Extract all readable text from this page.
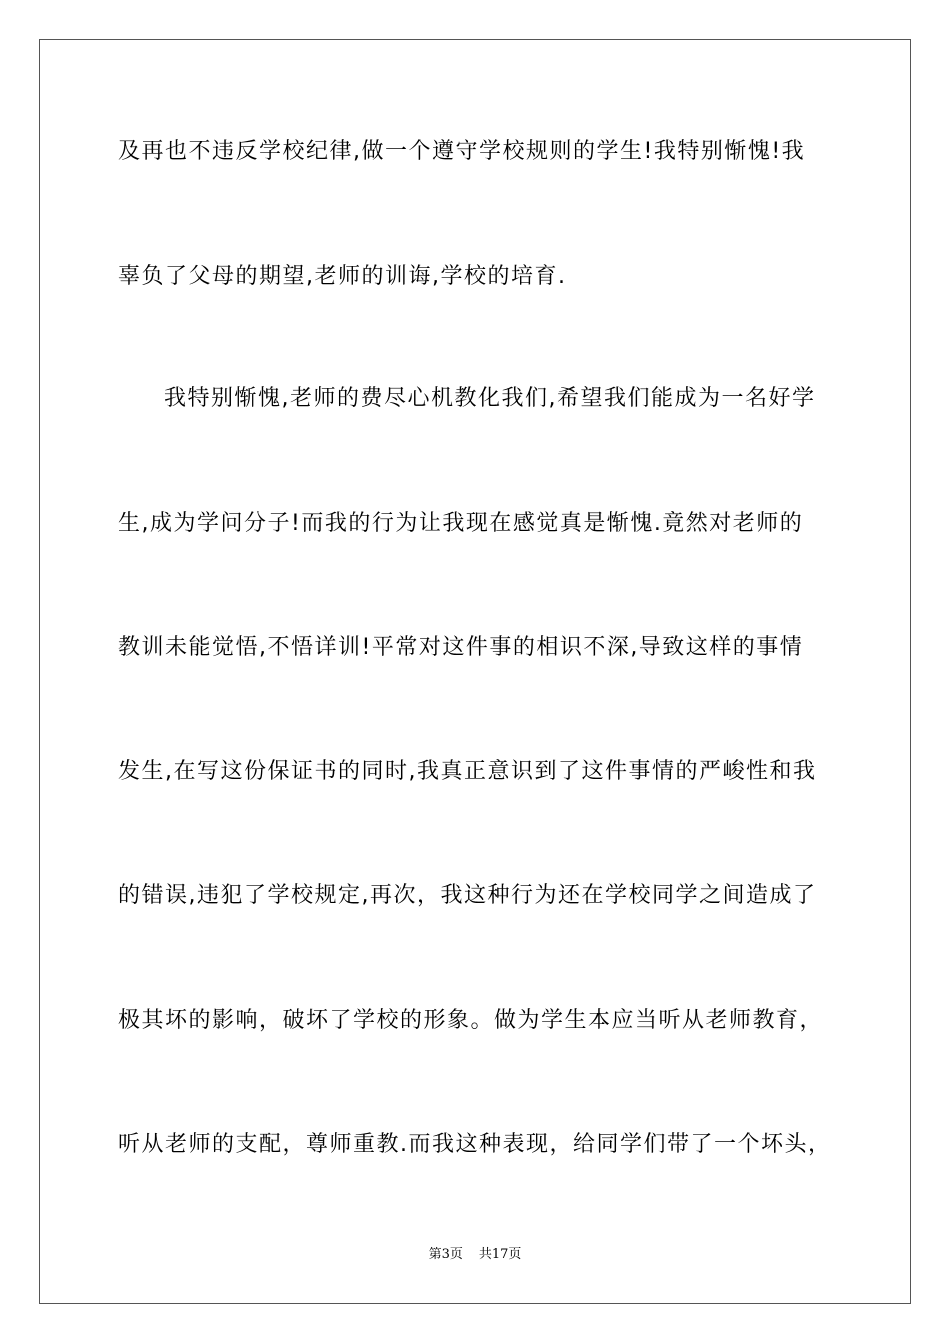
及再也不违反学校纪律,做一个遵守学校规则的学生!我特别惭愧!我
辜负了父母的期望,老师的训诲,学校的培育.
我特别惭愧,老师的费尽心机教化我们,希望我们能成为一名好学
生,成为学问分子!而我的行为让我现在感觉真是惭愧.竟然对老师的
教训未能觉悟,不悟详训!平常对这件事的相识不深,导致这样的事情
发生,在写这份保证书的同时,我真正意识到了这件事情的严峻性和我
的错误,违犯了学校规定,再次，我这种行为还在学校同学之间造成了
极其坏的影响，破坏了学校的形象。做为学生本应当听从老师教育，
听从老师的支配，尊师重教.而我这种表现，给同学们带了一个坏头，
第3页 共17页
